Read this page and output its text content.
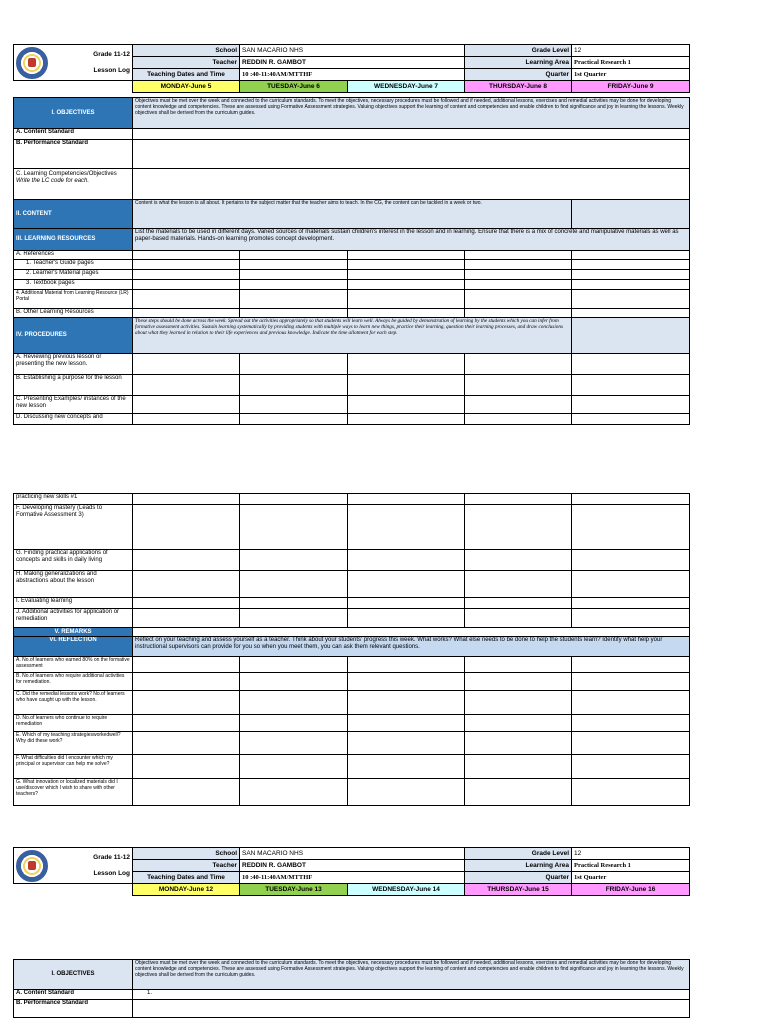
Grade 11-12
Lesson Log	School	SAN MACARIO NHS		Grade Level	12
	Teacher	REDDIN R. GAMBOT		Learning Area	Practical Research 1
	Teaching Dates and Time	10 :40-11:40AM/MTTHF		Quarter	1st Quarter
	MONDAY-June 5	TUESDAY-June 6	WEDNESDAY-June 7	THURSDAY-June 8	FRIDAY-June 9
I. OBJECTIVES	Objectives must be met over the week and connected to the curriculum standards. To meet the objectives, necessary procedures must be followed and if needed, additional lessons, exercises and remedial activities may be done for developing content knowledge and competencies. These are assessed using Formative Assessment strategies. Valuing objectives support the learning of content and competencies and enable children to find significance and joy in learning the lessons. Weekly objectives shall be derived from the curriculum guides.				
A. Content Standard					
B. Performance Standard					

C. Learning Competencies/Objectives
Write the LC code for each.					

II. CONTENT	Content is what the lesson is all about. It pertains to the subject matter that the teacher aims to teach. In the CG, the content can be tackled in a week or two.				
III. LEARNING RESOURCES	List the materials to be used in different days. Varied sources of materials sustain children's interest in the lesson and in learning. Ensure that there is a mix of concrete and manipulative materials as well as paper-based materials. Hands-on learning promotes concept development.				
A. References					
1. Teacher's Guide pages					
2. Learner's Material pages					
3. Textbook pages					
4. Additional Material from Learning Resource (LR) Portal					
B. Other Learning Resources					
IV. PROCEDURES	These steps should be done across the week. Spread out the activities appropriately so that students will learn well. Always be guided by demonstration of learning by the students which you can infer from formative assessment activities. Sustain learning systematically by providing students with multiple ways to learn new things, practice their learning, question their learning processes, and draw conclusions about what they learned in relation to their life experiences and previous knowledge. Indicate the time allotment for each step.				
A. Reviewing previous lesson or presenting the new lesson.					
B. Establishing a purpose for the lesson					
C. Presenting Examples/ instances of the new lesson					
D. Discussing new concepts and					
practicing new skills #1					
F. Developing mastery (Leads to Formative Assessment 3)					
G. Finding practical applications of concepts and skills in daily living					
H. Making generalizations and abstractions about the lesson					
I. Evaluating learning					
J. Additional activities for application or remediation					
V. REMARKS					
VI. REFLECTION	Reflect on your teaching and assess yourself as a teacher. Think about your students' progress this week. What works? What else needs to be done to help the students learn? Identify what help your instructional supervisors can provide for you so when you meet them, you can ask them relevant questions.				
A. No.of learners who earned 80% on the formative assessment					
B. No.of learners who require additional activities for remediation.					
C. Did the remedial lessons work? No.of learners who have caught up with the lesson.					
D. No.of learners who continue to require remediation					
E. Which of my teaching strategiesworkedwell?Why did these work?					
F. What difficulties did I encounter which my principal or supervisor can help me solve?					
G. What innovation or localized materials did I use/discover which I wish to share with other teachers?					
Grade 11-12
Lesson Log	School	SAN MACARIO NHS		Grade Level	12
	Teacher	REDDIN R. GAMBOT		Learning Area	Practical Research 1
	Teaching Dates and Time	10 :40-11:40AM/MTTHF		Quarter	1st Quarter
	MONDAY-June 12	TUESDAY-June 13	WEDNESDAY-June 14	THURSDAY-June 15	FRIDAY-June 16
I. OBJECTIVES	Objectives must be met over the week and connected to the curriculum standards. To meet the objectives, necessary procedures must be followed and if needed, additional lessons, exercises and remedial activities may be done for developing content knowledge and competencies. These are assessed using Formative Assessment strategies. Valuing objectives support the learning of content and competencies and enable children to find significance and joy in learning the lessons. Weekly objectives shall be derived from the curriculum guides.
A. Content Standard	1.
B. Performance Standard	
